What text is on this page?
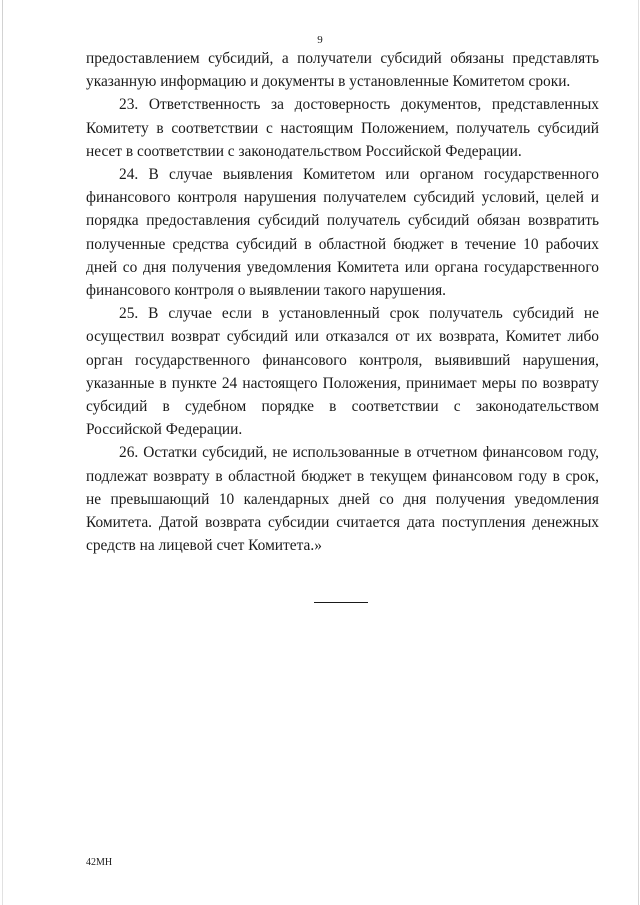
9

предоставлением субсидий, а получатели субсидий обязаны представлять указанную информацию и документы в установленные Комитетом сроки.

23. Ответственность за достоверность документов, представленных Комитету в соответствии с настоящим Положением, получатель субсидий несет в соответствии с законодательством Российской Федерации.

24. В случае выявления Комитетом или органом государственного финансового контроля нарушения получателем субсидий условий, целей и порядка предоставления субсидий получатель субсидий обязан возвратить полученные средства субсидий в областной бюджет в течение 10 рабочих дней со дня получения уведомления Комитета или органа государственного финансового контроля о выявлении такого нарушения.

25. В случае если в установленный срок получатель субсидий не осуществил возврат субсидий или отказался от их возврата, Комитет либо орган государственного финансового контроля, выявивший нарушения, указанные в пункте 24 настоящего Положения, принимает меры по возврату субсидий в судебном порядке в соответствии с законодательством Российской Федерации.

26. Остатки субсидий, не использованные в отчетном финансовом году, подлежат возврату в областной бюджет в текущем финансовом году в срок, не превышающий 10 календарных дней со дня получения уведомления Комитета. Датой возврата субсидии считается дата поступления денежных средств на лицевой счет Комитета.»

42МН
